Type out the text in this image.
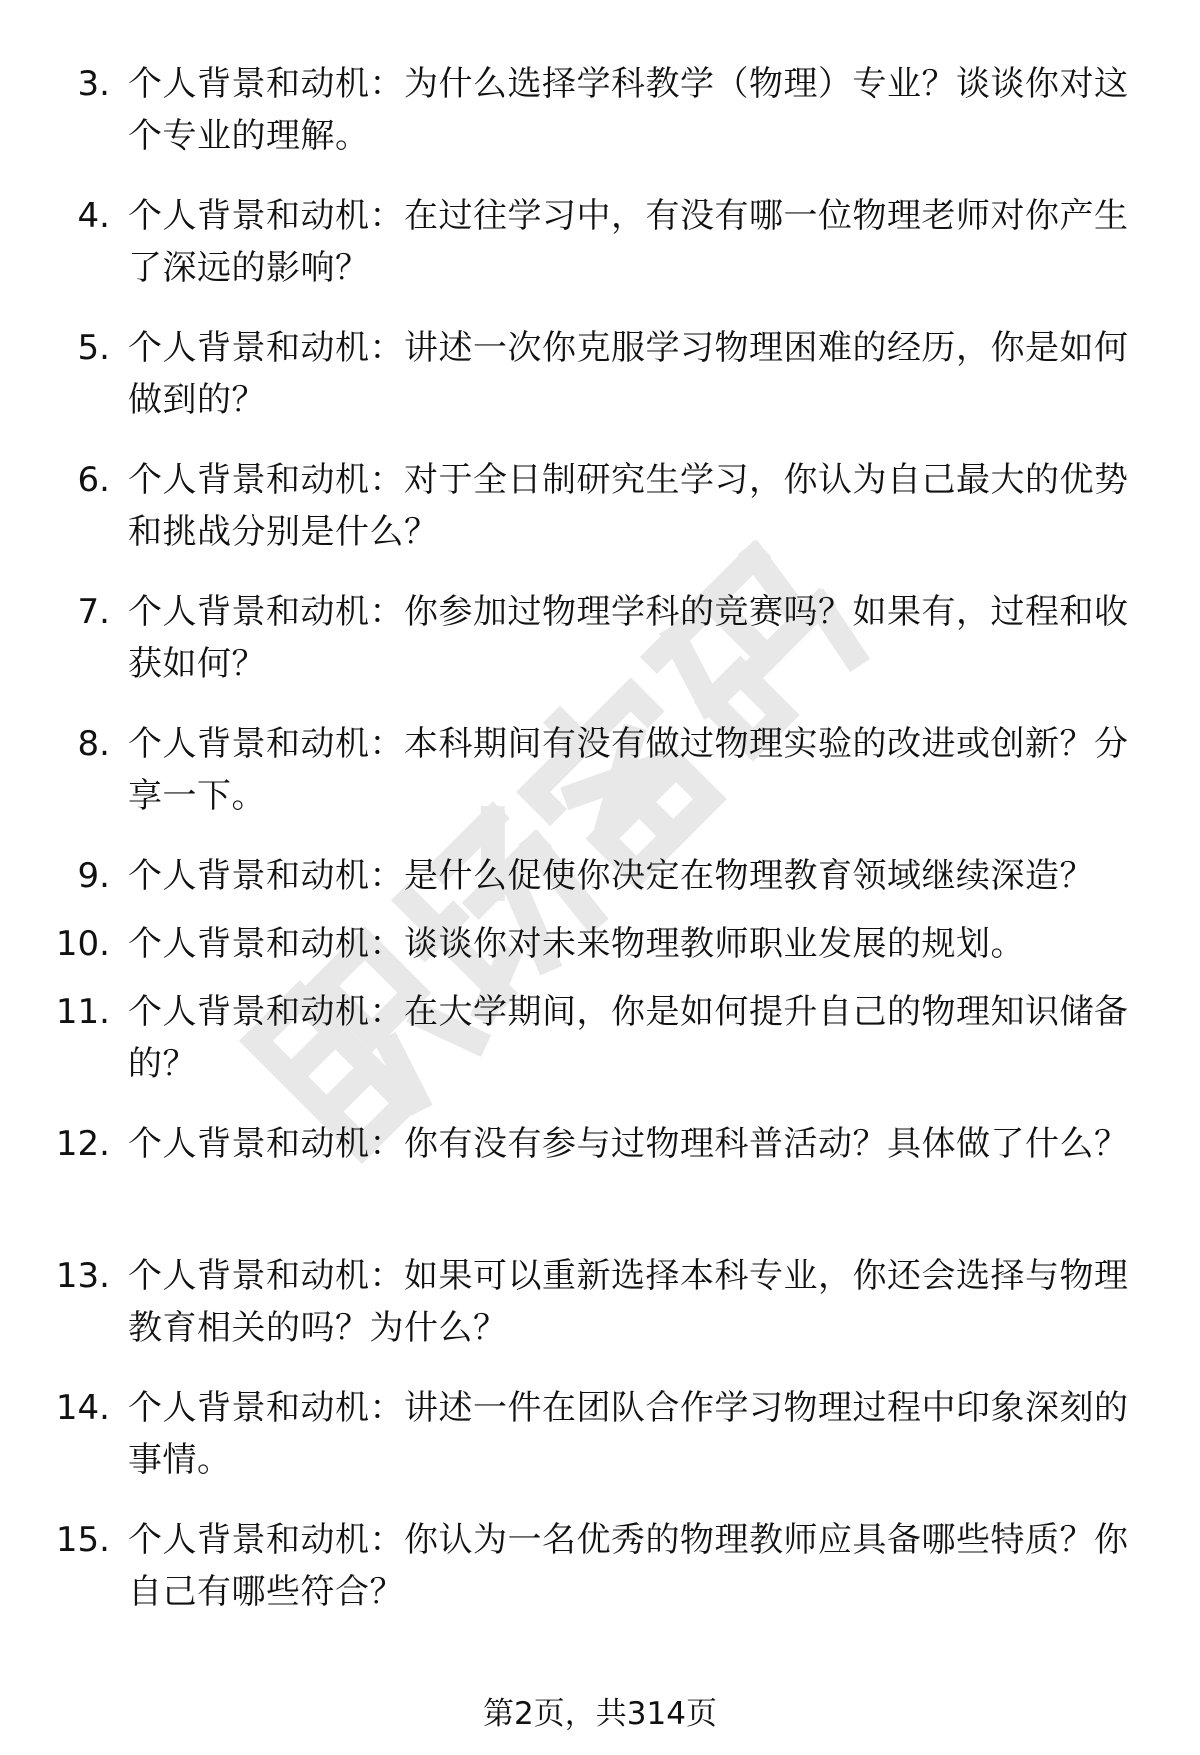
3. 个人背景和动机：为什么选择学科教学（物理）专业？谈谈你对这个专业的理解。
4. 个人背景和动机：在过往学习中，有没有哪一位物理老师对你产生了深远的影响？
5. 个人背景和动机：讲述一次你克服学习物理困难的经历，你是如何做到的？
6. 个人背景和动机：对于全日制研究生学习，你认为自己最大的优势和挑战分别是什么？
7. 个人背景和动机：你参加过物理学科的竞赛吗？如果有，过程和收获如何？
8. 个人背景和动机：本科期间有没有做过物理实验的改进或创新？分享一下。
9. 个人背景和动机：是什么促使你决定在物理教育领域继续深造？
10. 个人背景和动机：谈谈你对未来物理教师职业发展的规划。
11. 个人背景和动机：在大学期间，你是如何提升自己的物理知识储备的？
12. 个人背景和动机：你有没有参与过物理科普活动？具体做了什么？
13. 个人背景和动机：如果可以重新选择本科专业，你还会选择与物理教育相关的吗？为什么？
14. 个人背景和动机：讲述一件在团队合作学习物理过程中印象深刻的事情。
15. 个人背景和动机：你认为一名优秀的物理教师应具备哪些特质？你自己有哪些符合？
第2页，共314页
